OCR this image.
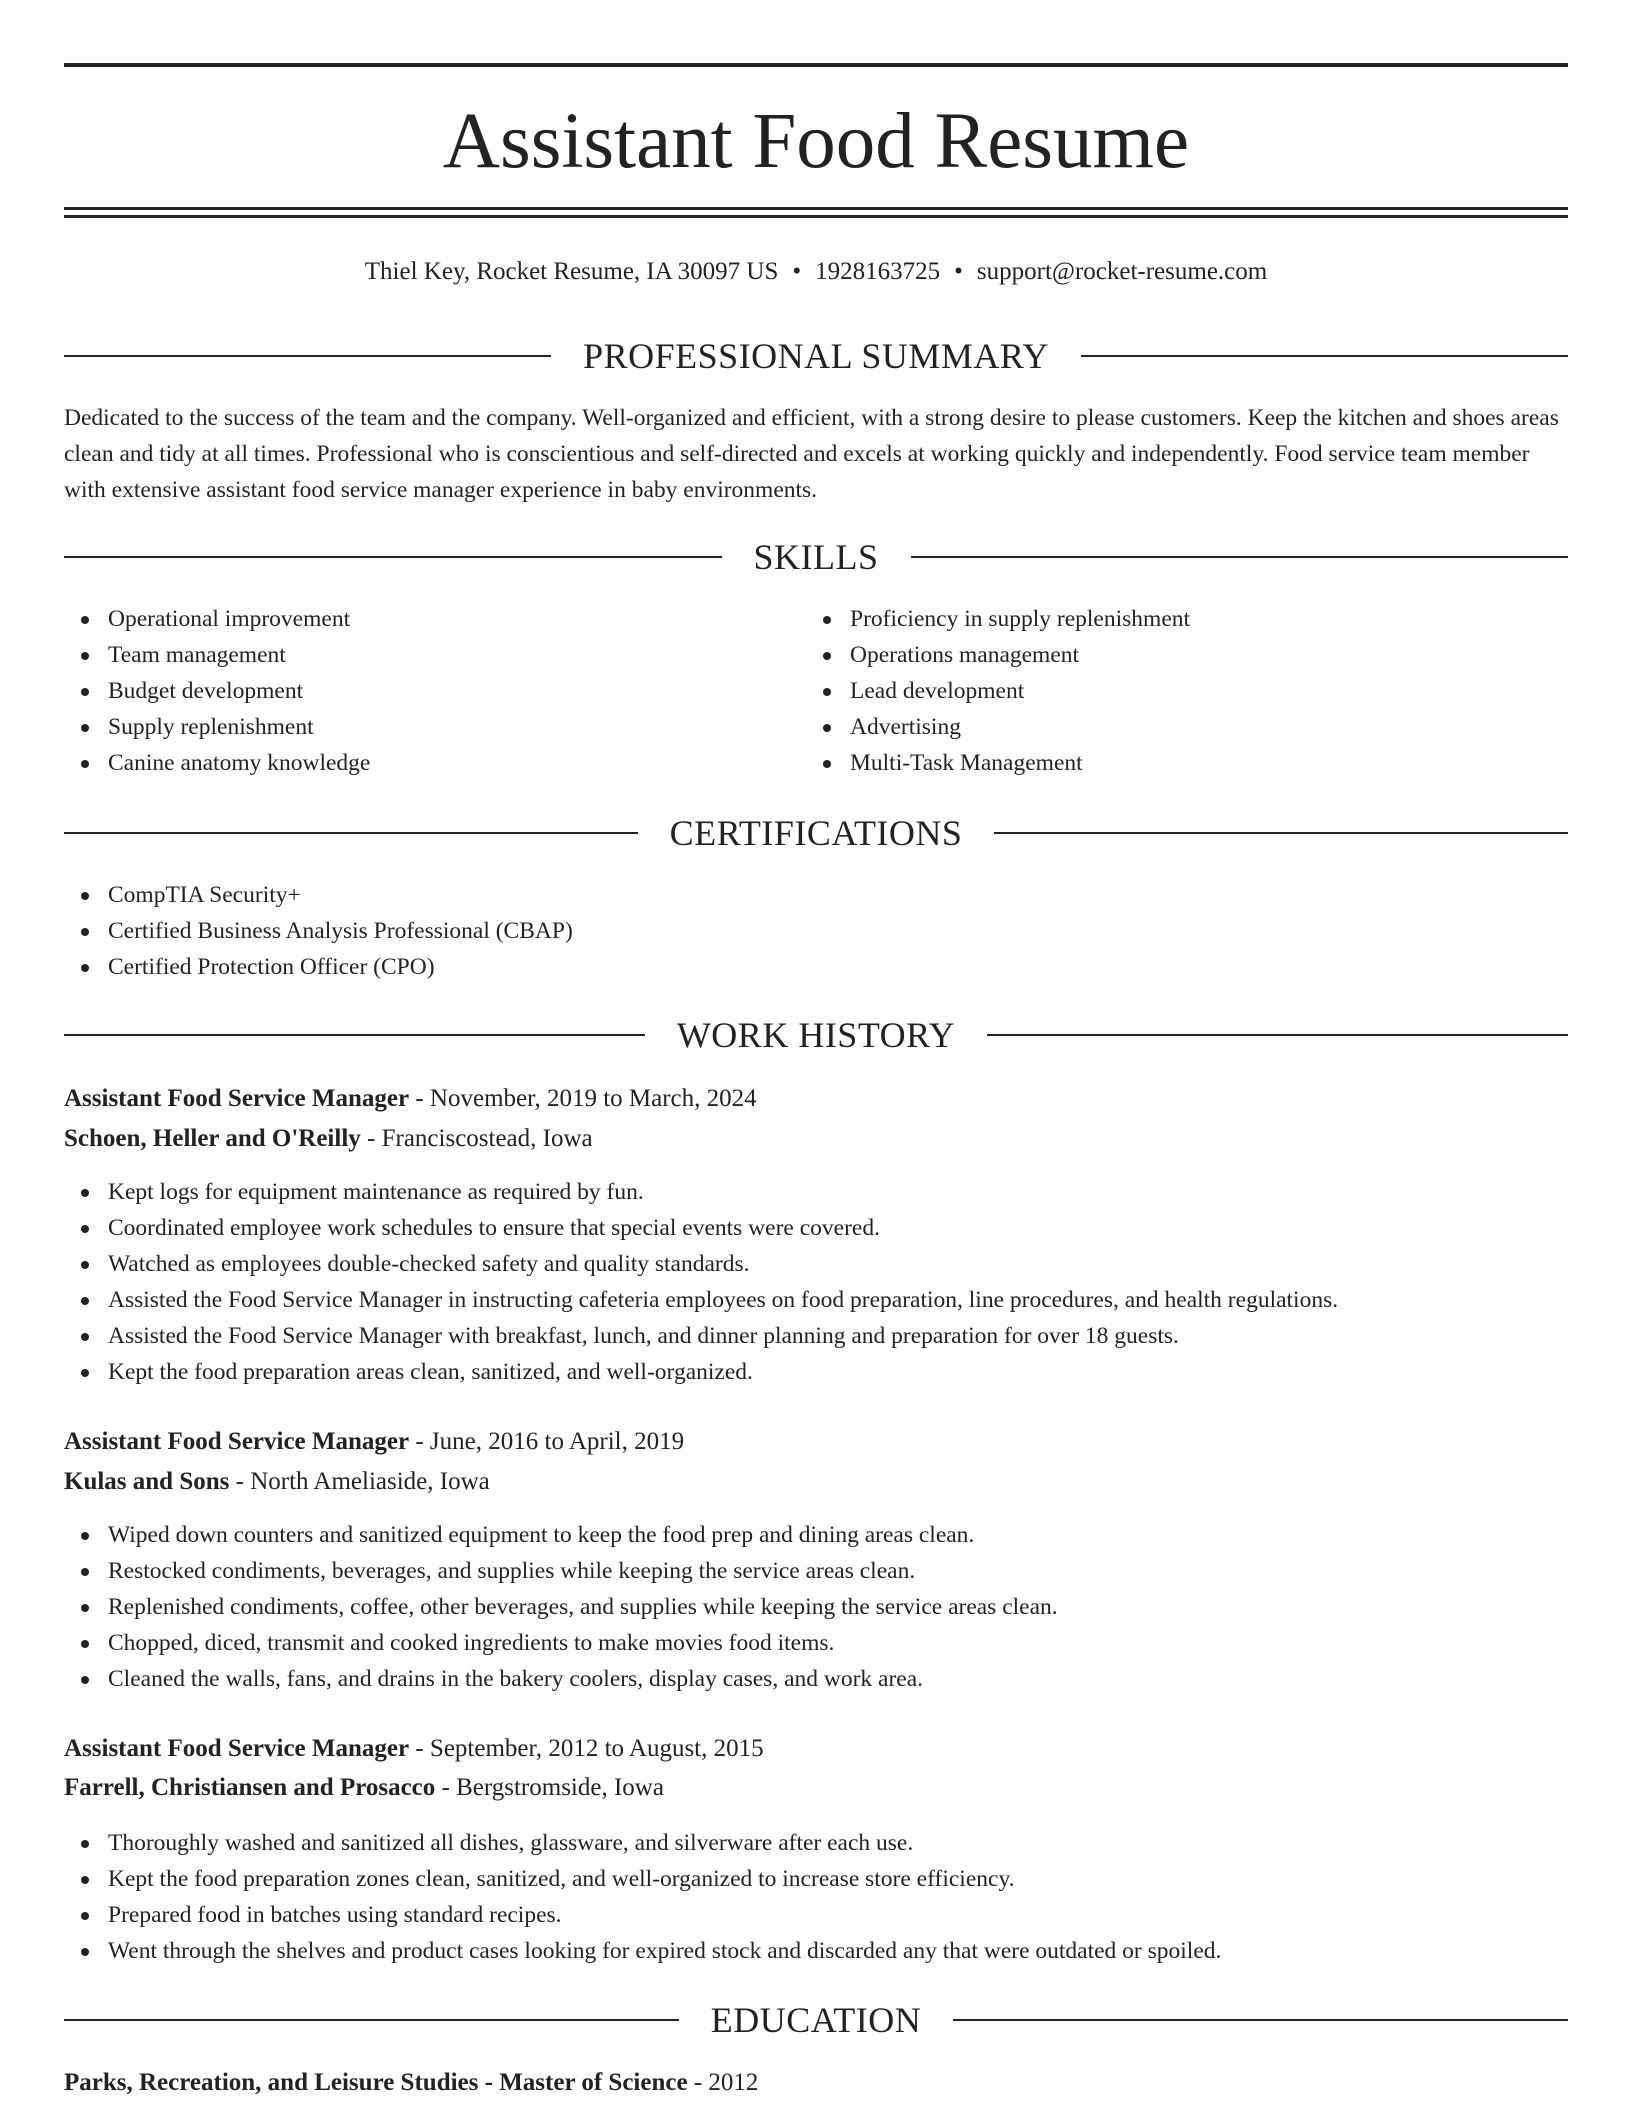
Assistant Food Resume
Thiel Key, Rocket Resume, IA 30097 US • 1928163725 • support@rocket-resume.com
PROFESSIONAL SUMMARY

Dedicated to the success of the team and the company. Well-organized and efficient, with a strong desire to please customers. Keep the kitchen and shoes areas clean and tidy at all times. Professional who is conscientious and self-directed and excels at working quickly and independently. Food service team member with extensive assistant food service manager experience in baby environments.

SKILLS
Operational improvement
Team management
Budget development
Supply replenishment
Canine anatomy knowledge
Proficiency in supply replenishment
Operations management
Lead development
Advertising
Multi-Task Management
CERTIFICATIONS
CompTIA Security+
Certified Business Analysis Professional (CBAP)
Certified Protection Officer (CPO)
WORK HISTORY
Assistant Food Service Manager - November, 2019 to March, 2024
Schoen, Heller and O'Reilly - Franciscostead, Iowa
Kept logs for equipment maintenance as required by fun.
Coordinated employee work schedules to ensure that special events were covered.
Watched as employees double-checked safety and quality standards.
Assisted the Food Service Manager in instructing cafeteria employees on food preparation, line procedures, and health regulations.
Assisted the Food Service Manager with breakfast, lunch, and dinner planning and preparation for over 18 guests.
Kept the food preparation areas clean, sanitized, and well-organized.
Assistant Food Service Manager - June, 2016 to April, 2019
Kulas and Sons - North Ameliaside, Iowa
Wiped down counters and sanitized equipment to keep the food prep and dining areas clean.
Restocked condiments, beverages, and supplies while keeping the service areas clean.
Replenished condiments, coffee, other beverages, and supplies while keeping the service areas clean.
Chopped, diced, transmit and cooked ingredients to make movies food items.
Cleaned the walls, fans, and drains in the bakery coolers, display cases, and work area.
Assistant Food Service Manager - September, 2012 to August, 2015
Farrell, Christiansen and Prosacco - Bergstromside, Iowa
Thoroughly washed and sanitized all dishes, glassware, and silverware after each use.
Kept the food preparation zones clean, sanitized, and well-organized to increase store efficiency.
Prepared food in batches using standard recipes.
Went through the shelves and product cases looking for expired stock and discarded any that were outdated or spoiled.
EDUCATION
Parks, Recreation, and Leisure Studies - Master of Science - 2012
